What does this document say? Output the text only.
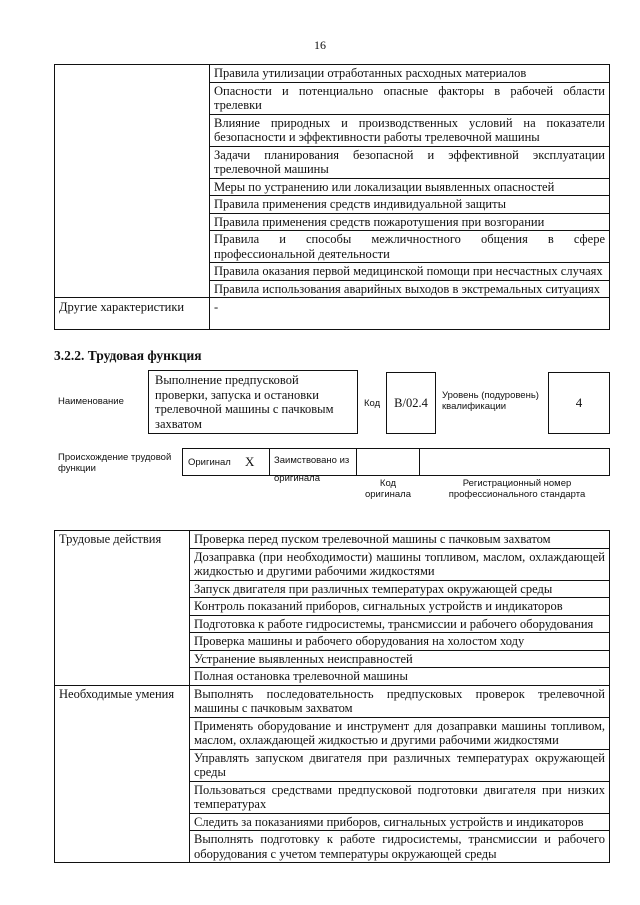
16
	Правила утилизации отработанных расходных материалов
	Опасности и потенциально опасные факторы в рабочей области трелевки
	Влияние природных и производственных условий на показатели безопасности и эффективности работы трелевочной машины
	Задачи планирования безопасной и эффективной эксплуатации трелевочной машины
	Меры по устранению или локализации выявленных опасностей
	Правила применения средств индивидуальной защиты
	Правила применения средств пожаротушения при возгорании
	Правила и способы межличностного общения в сфере профессиональной деятельности
	Правила оказания первой медицинской помощи при несчастных случаях
	Правила использования аварийных выходов в экстремальных ситуациях
Другие характеристики	-
3.2.2. Трудовая функция
Наименование
Выполнение предпусковой проверки, запуска и остановки трелевочной машины с пачковым захватом
Код	B/02.4
Уровень (подуровень) квалификации	4
Происхождение трудовой функции
Оригинал X	Заимствовано из оригинала	Код оригинала
Регистрационный номер профессионального стандарта
Трудовые действия	Проверка перед пуском трелевочной машины с пачковым захватом
	Дозаправка (при необходимости) машины топливом, маслом, охлаждающей жидкостью и другими рабочими жидкостями
	Запуск двигателя при различных температурах окружающей среды
	Контроль показаний приборов, сигнальных устройств и индикаторов
	Подготовка к работе гидросистемы, трансмиссии и рабочего оборудования
	Проверка машины и рабочего оборудования на холостом ходу
	Устранение выявленных неисправностей
	Полная остановка трелевочной машины
Необходимые умения	Выполнять последовательность предпусковых проверок трелевочной машины с пачковым захватом
	Применять оборудование и инструмент для дозаправки машины топливом, маслом, охлаждающей жидкостью и другими рабочими жидкостями
	Управлять запуском двигателя при различных температурах окружающей среды
	Пользоваться средствами предпусковой подготовки двигателя при низких температурах
	Следить за показаниями приборов, сигнальных устройств и индикаторов
	Выполнять подготовку к работе гидросистемы, трансмиссии и рабочего оборудования с учетом температуры окружающей среды
